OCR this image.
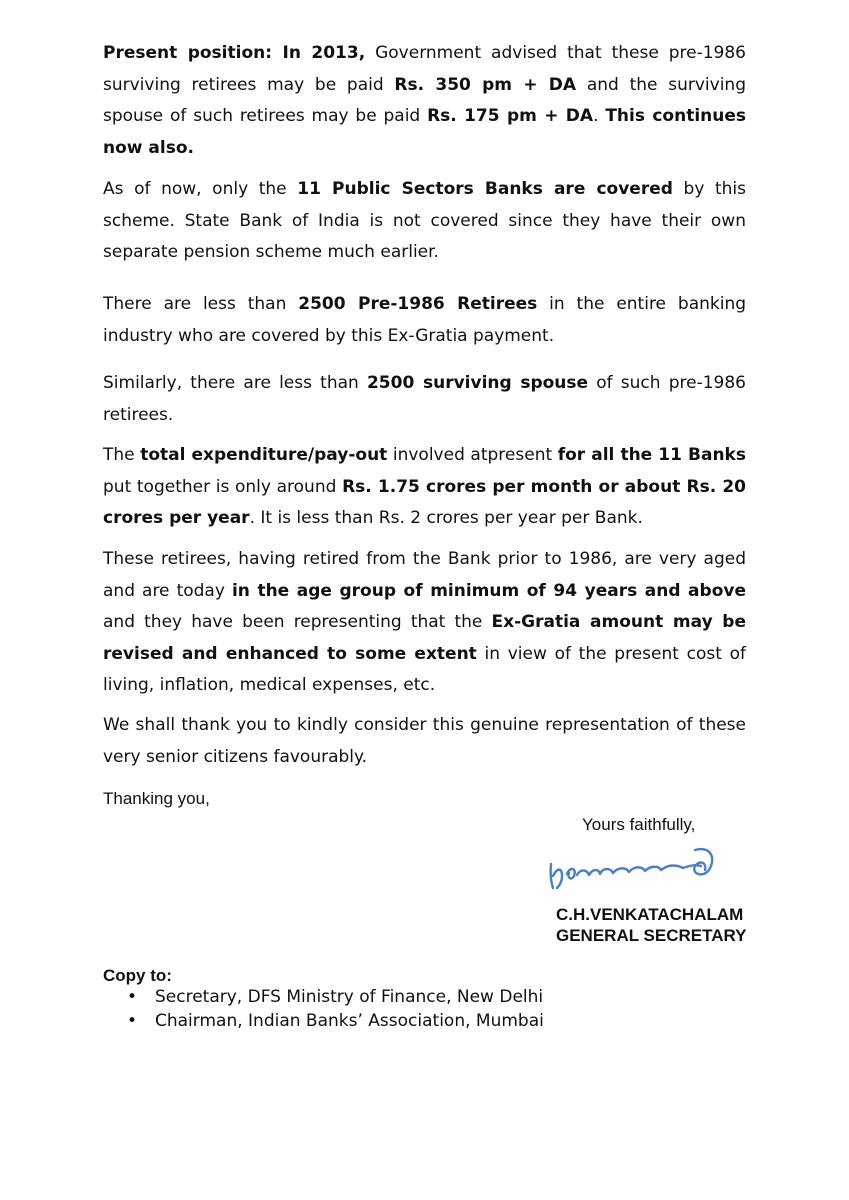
Present position: In 2013, Government advised that these pre-1986 surviving retirees may be paid Rs. 350 pm + DA and the surviving spouse of such retirees may be paid Rs. 175 pm + DA. This continues now also.

As of now, only the 11 Public Sectors Banks are covered by this scheme. State Bank of India is not covered since they have their own separate pension scheme much earlier.

There are less than 2500 Pre-1986 Retirees in the entire banking industry who are covered by this Ex-Gratia payment.

Similarly, there are less than 2500 surviving spouse of such pre-1986 retirees.

The total expenditure/pay-out involved atpresent for all the 11 Banks put together is only around Rs. 1.75 crores per month or about Rs. 20 crores per year. It is less than Rs. 2 crores per year per Bank.

These retirees, having retired from the Bank prior to 1986, are very aged and are today in the age group of minimum of 94 years and above and they have been representing that the Ex-Gratia amount may be revised and enhanced to some extent in view of the present cost of living, inflation, medical expenses, etc.

We shall thank you to kindly consider this genuine representation of these very senior citizens favourably.

Thanking you,

Yours faithfully,

C.H.VENKATACHALAM

GENERAL SECRETARY

Copy to:

• Secretary, DFS Ministry of Finance, New Delhi
• Chairman, Indian Banks’ Association, Mumbai
